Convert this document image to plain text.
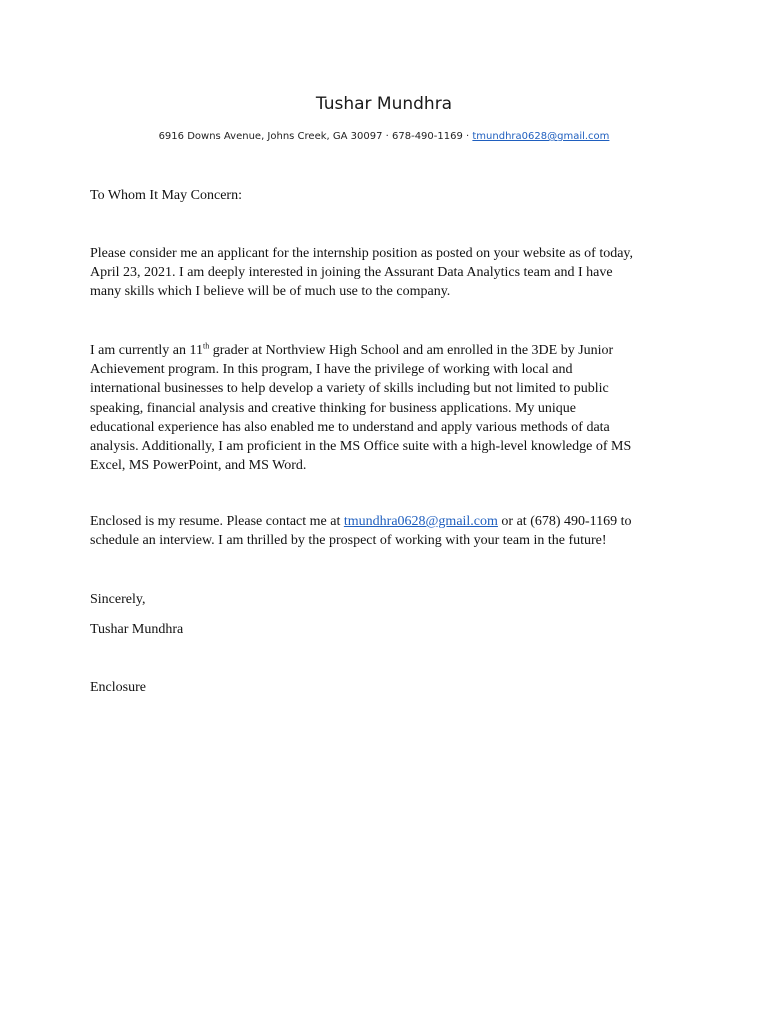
Tushar Mundhra
6916 Downs Avenue, Johns Creek, GA 30097 · 678-490-1169 · tmundhra0628@gmail.com
To Whom It May Concern:
Please consider me an applicant for the internship position as posted on your website as of today,
April 23, 2021. I am deeply interested in joining the Assurant Data Analytics team and I have
many skills which I believe will be of much use to the company.
I am currently an 11th grader at Northview High School and am enrolled in the 3DE by Junior
Achievement program. In this program, I have the privilege of working with local and
international businesses to help develop a variety of skills including but not limited to public
speaking, financial analysis and creative thinking for business applications. My unique
educational experience has also enabled me to understand and apply various methods of data
analysis. Additionally, I am proficient in the MS Office suite with a high-level knowledge of MS
Excel, MS PowerPoint, and MS Word.
Enclosed is my resume. Please contact me at tmundhra0628@gmail.com or at (678) 490-1169 to
schedule an interview. I am thrilled by the prospect of working with your team in the future!
Sincerely,
Tushar Mundhra
Enclosure
